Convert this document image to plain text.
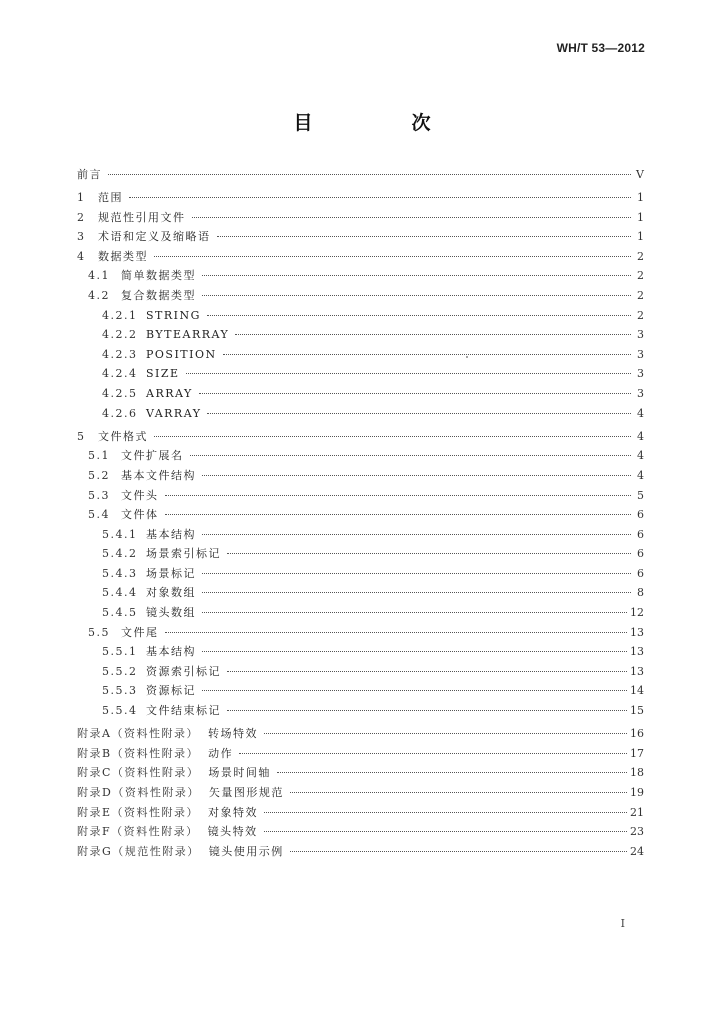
WH/T 53—2012
目　次
前言	V
1	范围	1
2	规范性引用文件	1
3	术语和定义及缩略语	1
4	数据类型	2
4.1	简单数据类型	2
4.2	复合数据类型	2
4.2.1 STRING	2
4.2.2 BYTEARRAY	3
4.2.3 POSITION	3
4.2.4 SIZE	3
4.2.5 ARRAY	3
4.2.6 VARRAY	4
5	文件格式	4
5.1	文件扩展名	4
5.2	基本文件结构	4
5.3	文件头	5
5.4	文件体	6
5.4.1 基本结构	6
5.4.2 场景索引标记	6
5.4.3 场景标记	6
5.4.4 对象数组	8
5.4.5 镜头数组	12
5.5	文件尾	13
5.5.1 基本结构	13
5.5.2 资源索引标记	13
5.5.3 资源标记	14
5.5.4 文件结束标记	15
附录A（资料性附录） 转场特效	16
附录B（资料性附录） 动作	17
附录C（资料性附录） 场景时间轴	18
附录D（资料性附录） 矢量图形规范	19
附录E（资料性附录） 对象特效	21
附录F（资料性附录） 镜头特效	23
附录G（规范性附录） 镜头使用示例	24
I
